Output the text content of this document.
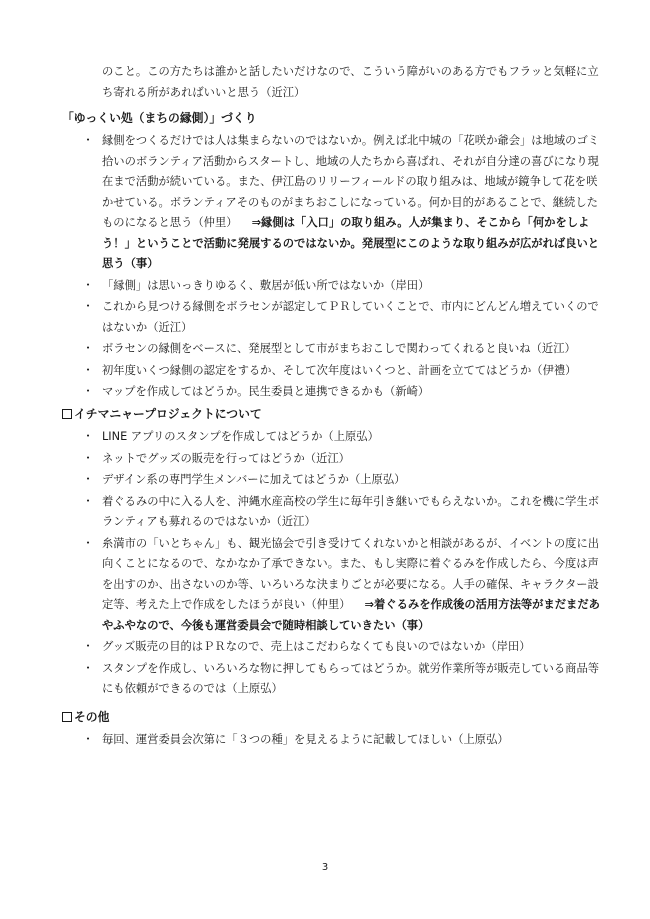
のこと。この方たちは誰かと話したいだけなので、こういう障がいのある方でもフラッと気軽に立ち寄れる所があればいいと思う（近江）
「ゆっくい処（まちの縁側）」づくり
・ 縁側をつくるだけでは人は集まらないのではないか。例えば北中城の「花咲か爺会」は地域のゴミ拾いのボランティア活動からスタートし、地域の人たちから喜ばれ、それが自分達の喜びになり現在まで活動が続いている。また、伊江島のリリーフィールドの取り組みは、地域が鏡争して花を咲かせている。ボランティアそのものがまちおこしになっている。何か目的があることで、継続したものになると思う（仲里） ⇒縁側は「入口」の取り組み。人が集まり、そこから「何かをしよう！」ということで活動に発展するのではないか。発展型にこのような取り組みが広がれば良いと思う（事）
・ 「縁側」は思いっきりゆるく、敷居が低い所ではないか（岸田）
・ これから見つける縁側をボラセンが認定してＰＲしていくことで、市内にどんどん増えていくのではないか（近江）
・ ボラセンの縁側をベースに、発展型として市がまちおこしで関わってくれると良いね（近江）
・ 初年度いくつ縁側の認定をするか、そして次年度はいくつと、計画を立ててはどうか（伊禮）
・ マップを作成してはどうか。民生委員と連携できるかも（新崎）
イチマニャープロジェクトについて
・ LINE アプリのスタンプを作成してはどうか（上原弘）
・ ネットでグッズの販売を行ってはどうか（近江）
・ デザイン系の専門学生メンバーに加えてはどうか（上原弘）
・ 着ぐるみの中に入る人を、沖縄水産高校の学生に毎年引き継いでもらえないか。これを機に学生ボランティアも募れるのではないか（近江）
・ 糸満市の「いとちゃん」も、観光協会で引き受けてくれないかと相談があるが、イベントの度に出向くことになるので、なかなか了承できない。また、もし実際に着ぐるみを作成したら、今度は声を出すのか、出さないのか等、いろいろな決まりごとが必要になる。人手の確保、キャラクター設定等、考えた上で作成をしたほうが良い（仲里） ⇒着ぐるみを作成後の活用方法等がまだまだあやふやなので、今後も運営委員会で随時相談していきたい（事）
・ グッズ販売の目的はＰＲなので、売上はこだわらなくても良いのではないか（岸田）
・ スタンプを作成し、いろいろな物に押してもらってはどうか。就労作業所等が販売している商品等にも依頼ができるのでは（上原弘）
その他
・ 毎回、運営委員会次第に「３つの種」を見えるように記載してほしい（上原弘）
3
